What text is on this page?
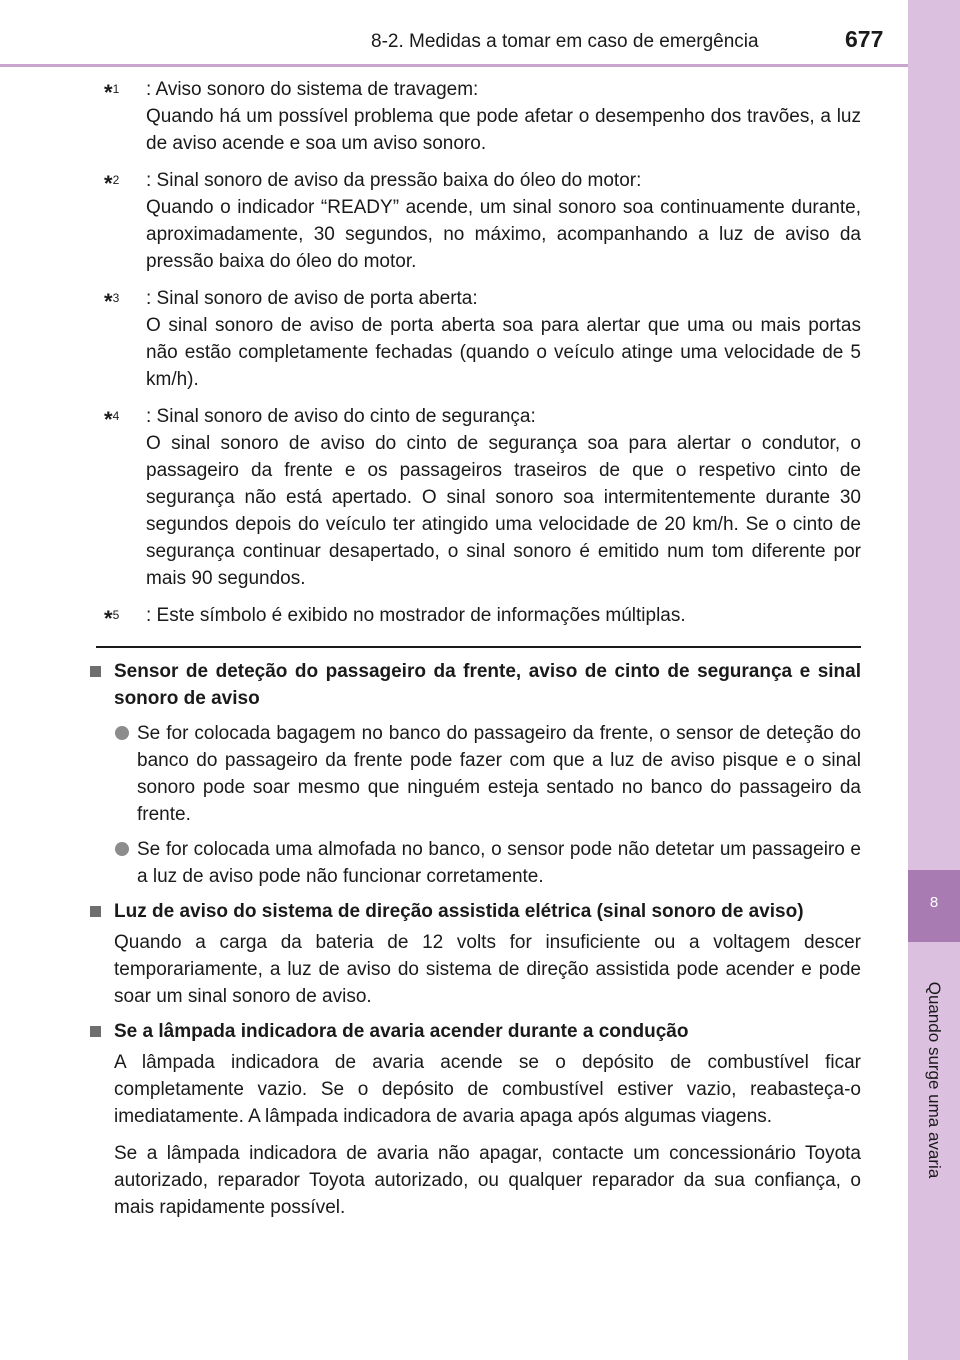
8-2. Medidas a tomar em caso de emergência	677
8
Quando surge uma avaria
*$^1$ : Aviso sonoro do sistema de travagem:
Quando há um possível problema que pode afetar o desempenho dos travões, a luz de aviso acende e soa um aviso sonoro.
*$^2$ : Sinal sonoro de aviso da pressão baixa do óleo do motor:
Quando o indicador “READY” acende, um sinal sonoro soa continuamente durante, aproximadamente, 30 segundos, no máximo, acompanhando a luz de aviso da pressão baixa do óleo do motor.
*$^3$ : Sinal sonoro de aviso de porta aberta:
O sinal sonoro de aviso de porta aberta soa para alertar que uma ou mais portas não estão completamente fechadas (quando o veículo atinge uma velocidade de 5 km/h).
*$^4$ : Sinal sonoro de aviso do cinto de segurança:
O sinal sonoro de aviso do cinto de segurança soa para alertar o condutor, o passageiro da frente e os passageiros traseiros de que o respetivo cinto de segurança não está apertado. O sinal sonoro soa intermitentemente durante 30 segundos depois do veículo ter atingido uma velocidade de 20 km/h. Se o cinto de segurança continuar desapertado, o sinal sonoro é emitido num tom diferente por mais 90 segundos.
*$^5$ : Este símbolo é exibido no mostrador de informações múltiplas.
Sensor de deteção do passageiro da frente, aviso de cinto de segurança e sinal sonoro de aviso
Se for colocada bagagem no banco do passageiro da frente, o sensor de deteção do banco do passageiro da frente pode fazer com que a luz de aviso pisque e o sinal sonoro pode soar mesmo que ninguém esteja sentado no banco do passageiro da frente.
Se for colocada uma almofada no banco, o sensor pode não detetar um passageiro e a luz de aviso pode não funcionar corretamente.
Luz de aviso do sistema de direção assistida elétrica (sinal sonoro de aviso)
Quando a carga da bateria de 12 volts for insuficiente ou a voltagem descer temporariamente, a luz de aviso do sistema de direção assistida pode acender e pode soar um sinal sonoro de aviso.
Se a lâmpada indicadora de avaria acender durante a condução
A lâmpada indicadora de avaria acende se o depósito de combustível ficar completamente vazio. Se o depósito de combustível estiver vazio, reabasteça-o imediatamente. A lâmpada indicadora de avaria apaga após algumas viagens.
Se a lâmpada indicadora de avaria não apagar, contacte um concessionário Toyota autorizado, reparador Toyota autorizado, ou qualquer reparador da sua confiança, o mais rapidamente possível.
